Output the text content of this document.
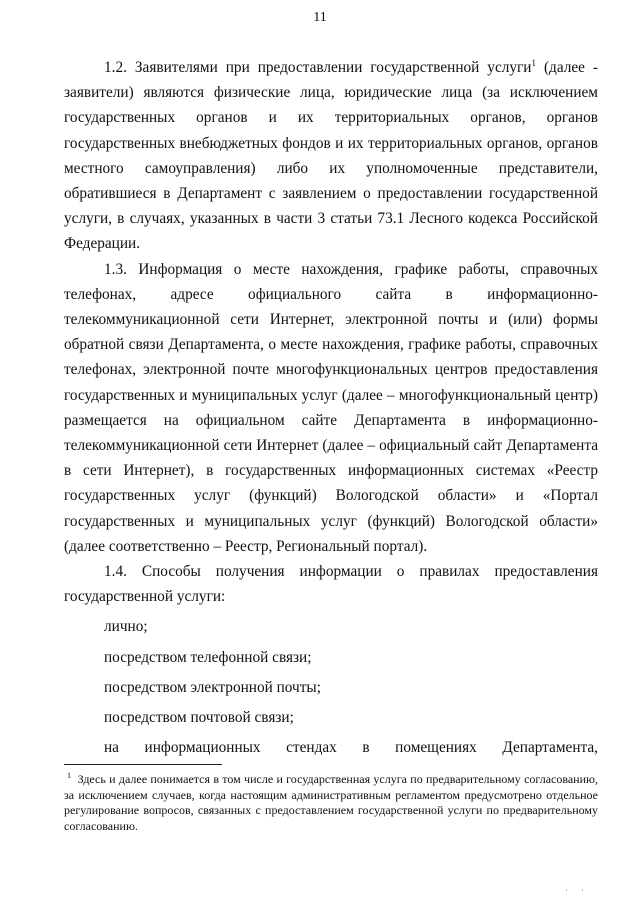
11

1.2. Заявителями при предоставлении государственной услуги$^1$ (далее - заявители) являются физические лица, юридические лица (за исключением государственных органов и их территориальных органов, органов государственных внебюджетных фондов и их территориальных органов, органов местного самоуправления) либо их уполномоченные представители, обратившиеся в Департамент с заявлением о предоставлении государственной услуги, в случаях, указанных в части 3 статьи 73.1 Лесного кодекса Российской Федерации.

1.3. Информация о месте нахождения, графике работы, справочных телефонах, адресе официального сайта в информационно-телекоммуникационной сети Интернет, электронной почты и (или) формы обратной связи Департамента, о месте нахождения, графике работы, справочных телефонах, электронной почте многофункциональных центров предоставления государственных и муниципальных услуг (далее – многофункциональный центр) размещается на официальном сайте Департамента в информационно-телекоммуникационной сети Интернет (далее – официальный сайт Департамента в сети Интернет), в государственных информационных системах «Реестр государственных услуг (функций) Вологодской области» и «Портал государственных и муниципальных услуг (функций) Вологодской области» (далее соответственно – Реестр, Региональный портал).

1.4. Способы получения информации о правилах предоставления государственной услуги:

лично;

посредством телефонной связи;

посредством электронной почты;

посредством почтовой связи;

на информационных стендах в помещениях Департамента,

$^1$ Здесь и далее понимается в том числе и государственная услуга по предварительному согласованию, за исключением случаев, когда настоящим административным регламентом предусмотрено отдельное регулирование вопросов, связанных с предоставлением государственной услуги по предварительному согласованию.
' '
